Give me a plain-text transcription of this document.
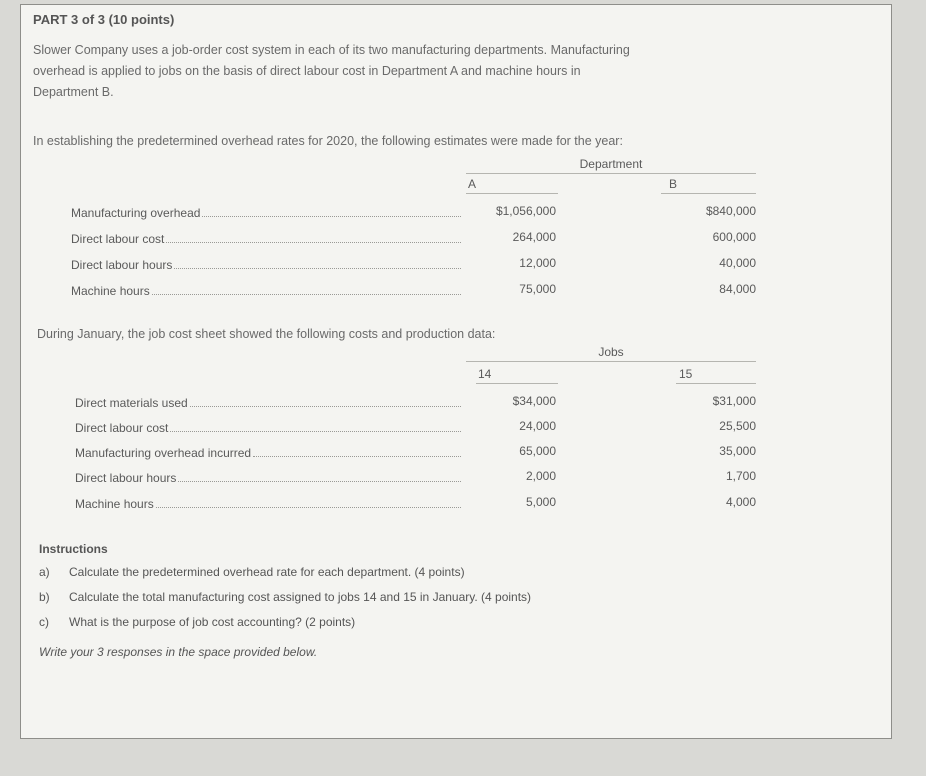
PART 3 of 3 (10 points)
Slower Company uses a job-order cost system in each of its two manufacturing departments. Manufacturing
overhead is applied to jobs on the basis of direct labour cost in Department A and machine hours in
Department B.
In establishing the predetermined overhead rates for 2020, the following estimates were made for the year:
Department
A	B
Manufacturing overhead	$1,056,000	$840,000
Direct labour cost	264,000	600,000
Direct labour hours	12,000	40,000
Machine hours	75,000	84,000
During January, the job cost sheet showed the following costs and production data:
Jobs
14	15
Direct materials used	$34,000	$31,000
Direct labour cost	24,000	25,500
Manufacturing overhead incurred	65,000	35,000
Direct labour hours	2,000	1,700
Machine hours	5,000	4,000
Instructions
a) Calculate the predetermined overhead rate for each department. (4 points)
b) Calculate the total manufacturing cost assigned to jobs 14 and 15 in January. (4 points)
c) What is the purpose of job cost accounting? (2 points)
Write your 3 responses in the space provided below.
